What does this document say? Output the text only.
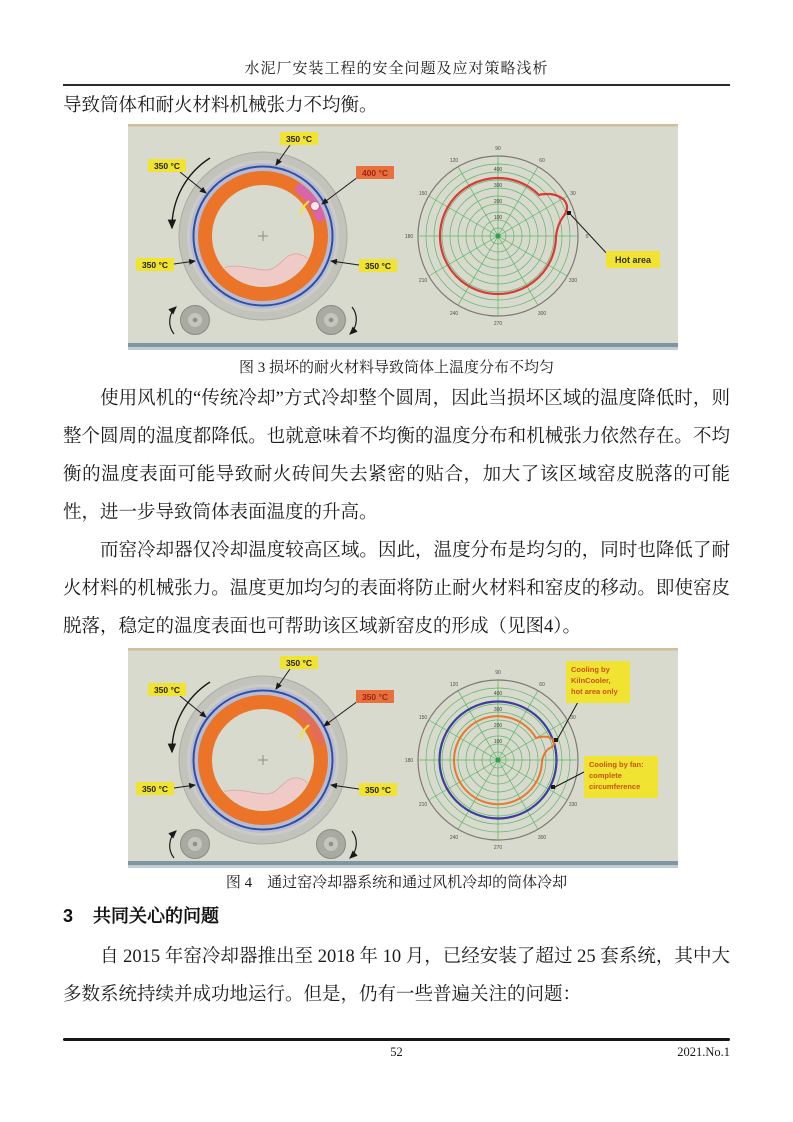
水泥厂安装工程的安全问题及应对策略浅析

导致筒体和耐火材料机械张力不均衡。

350 °C
350 °C
400 °C
350 °C	350 °C
90
60
30
0
330
300
270
240
210
180
150
120
100
200
300
400
Hot area
图 3 损坏的耐火材料导致筒体上温度分布不均匀

使用风机的“传统冷却”方式冷却整个圆周，因此当损坏区域的温度降低时，则整个圆周的温度都降低。也就意味着不均衡的温度分布和机械张力依然存在。不均衡的温度表面可能导致耐火砖间失去紧密的贴合，加大了该区域窑皮脱落的可能性，进一步导致筒体表面温度的升高。

而窑冷却器仅冷却温度较高区域。因此，温度分布是均匀的，同时也降低了耐火材料的机械张力。温度更加均匀的表面将防止耐火材料和窑皮的移动。即使窑皮脱落，稳定的温度表面也可帮助该区域新窑皮的形成（见图4）。

350 °C
350 °C
350 °C
350 °C	350 °C
90
60
30
330
300
270
240
210
180
150
120
100
200
300
400
Cooling by
KilnCooler,
hot area only
Cooling by fan:
complete
circumference
图 4　通过窑冷却器系统和通过风机冷却的筒体冷却
3 共同关心的问题

自 2015 年窑冷却器推出至 2018 年 10 月，已经安装了超过 25 套系统，其中大多数系统持续并成功地运行。但是，仍有一些普遍关注的问题：

52	2021.No.1
